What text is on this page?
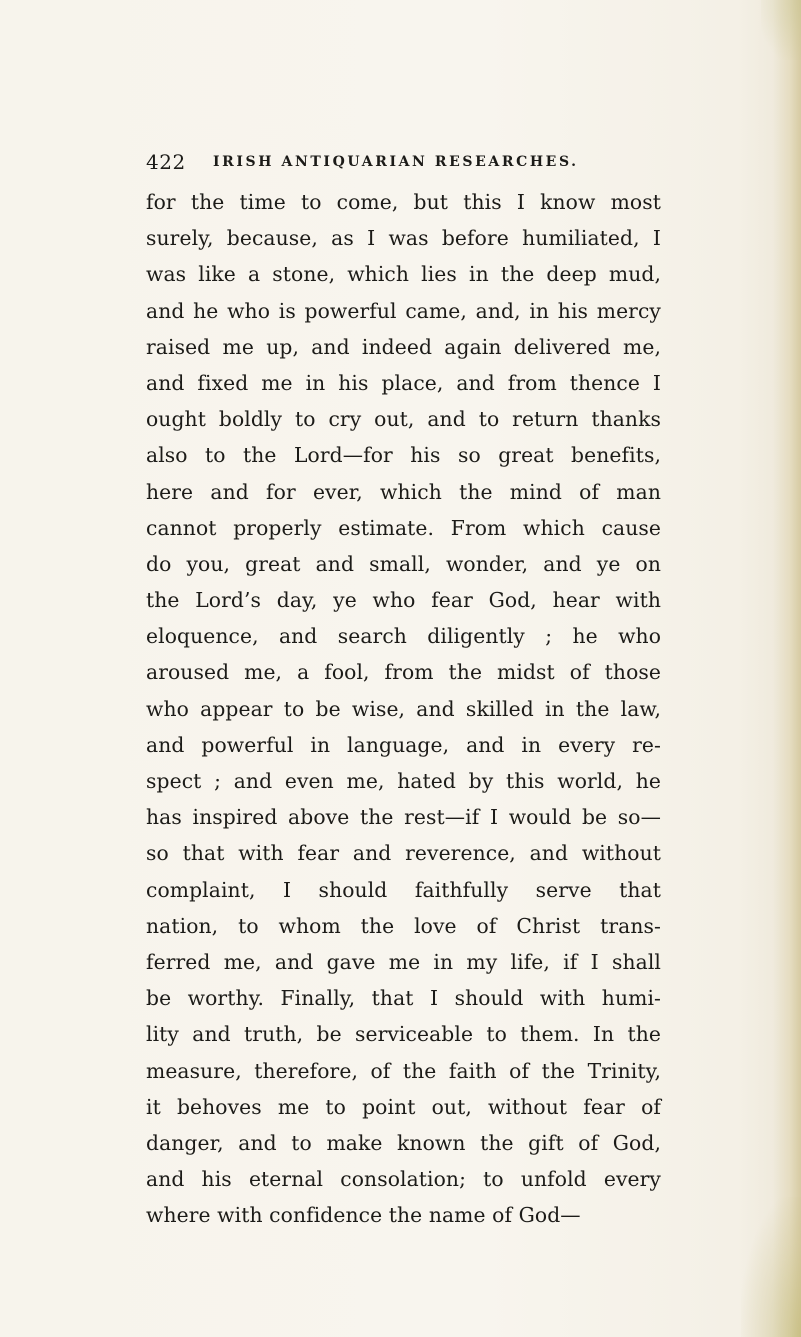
422 IRISH ANTIQUARIAN RESEARCHES.
for the time to come, but this I know most
surely, because, as I was before humiliated, I
was like a stone, which lies in the deep mud,
and he who is powerful came, and, in his mercy
raised me up, and indeed again delivered me,
and fixed me in his place, and from thence I
ought boldly to cry out, and to return thanks
also to the Lord—for his so great benefits,
here and for ever, which the mind of man
cannot properly estimate. From which cause
do you, great and small, wonder, and ye on
the Lord’s day, ye who fear God, hear with
eloquence, and search diligently ; he who
aroused me, a fool, from the midst of those
who appear to be wise, and skilled in the law,
and powerful in language, and in every re-
spect ; and even me, hated by this world, he
has inspired above the rest—if I would be so—
so that with fear and reverence, and without
complaint, I should faithfully serve that
nation, to whom the love of Christ trans-
ferred me, and gave me in my life, if I shall
be worthy. Finally, that I should with humi-
lity and truth, be serviceable to them. In the
measure, therefore, of the faith of the Trinity,
it behoves me to point out, without fear of
danger, and to make known the gift of God,
and his eternal consolation; to unfold every
where with confidence the name of God—
